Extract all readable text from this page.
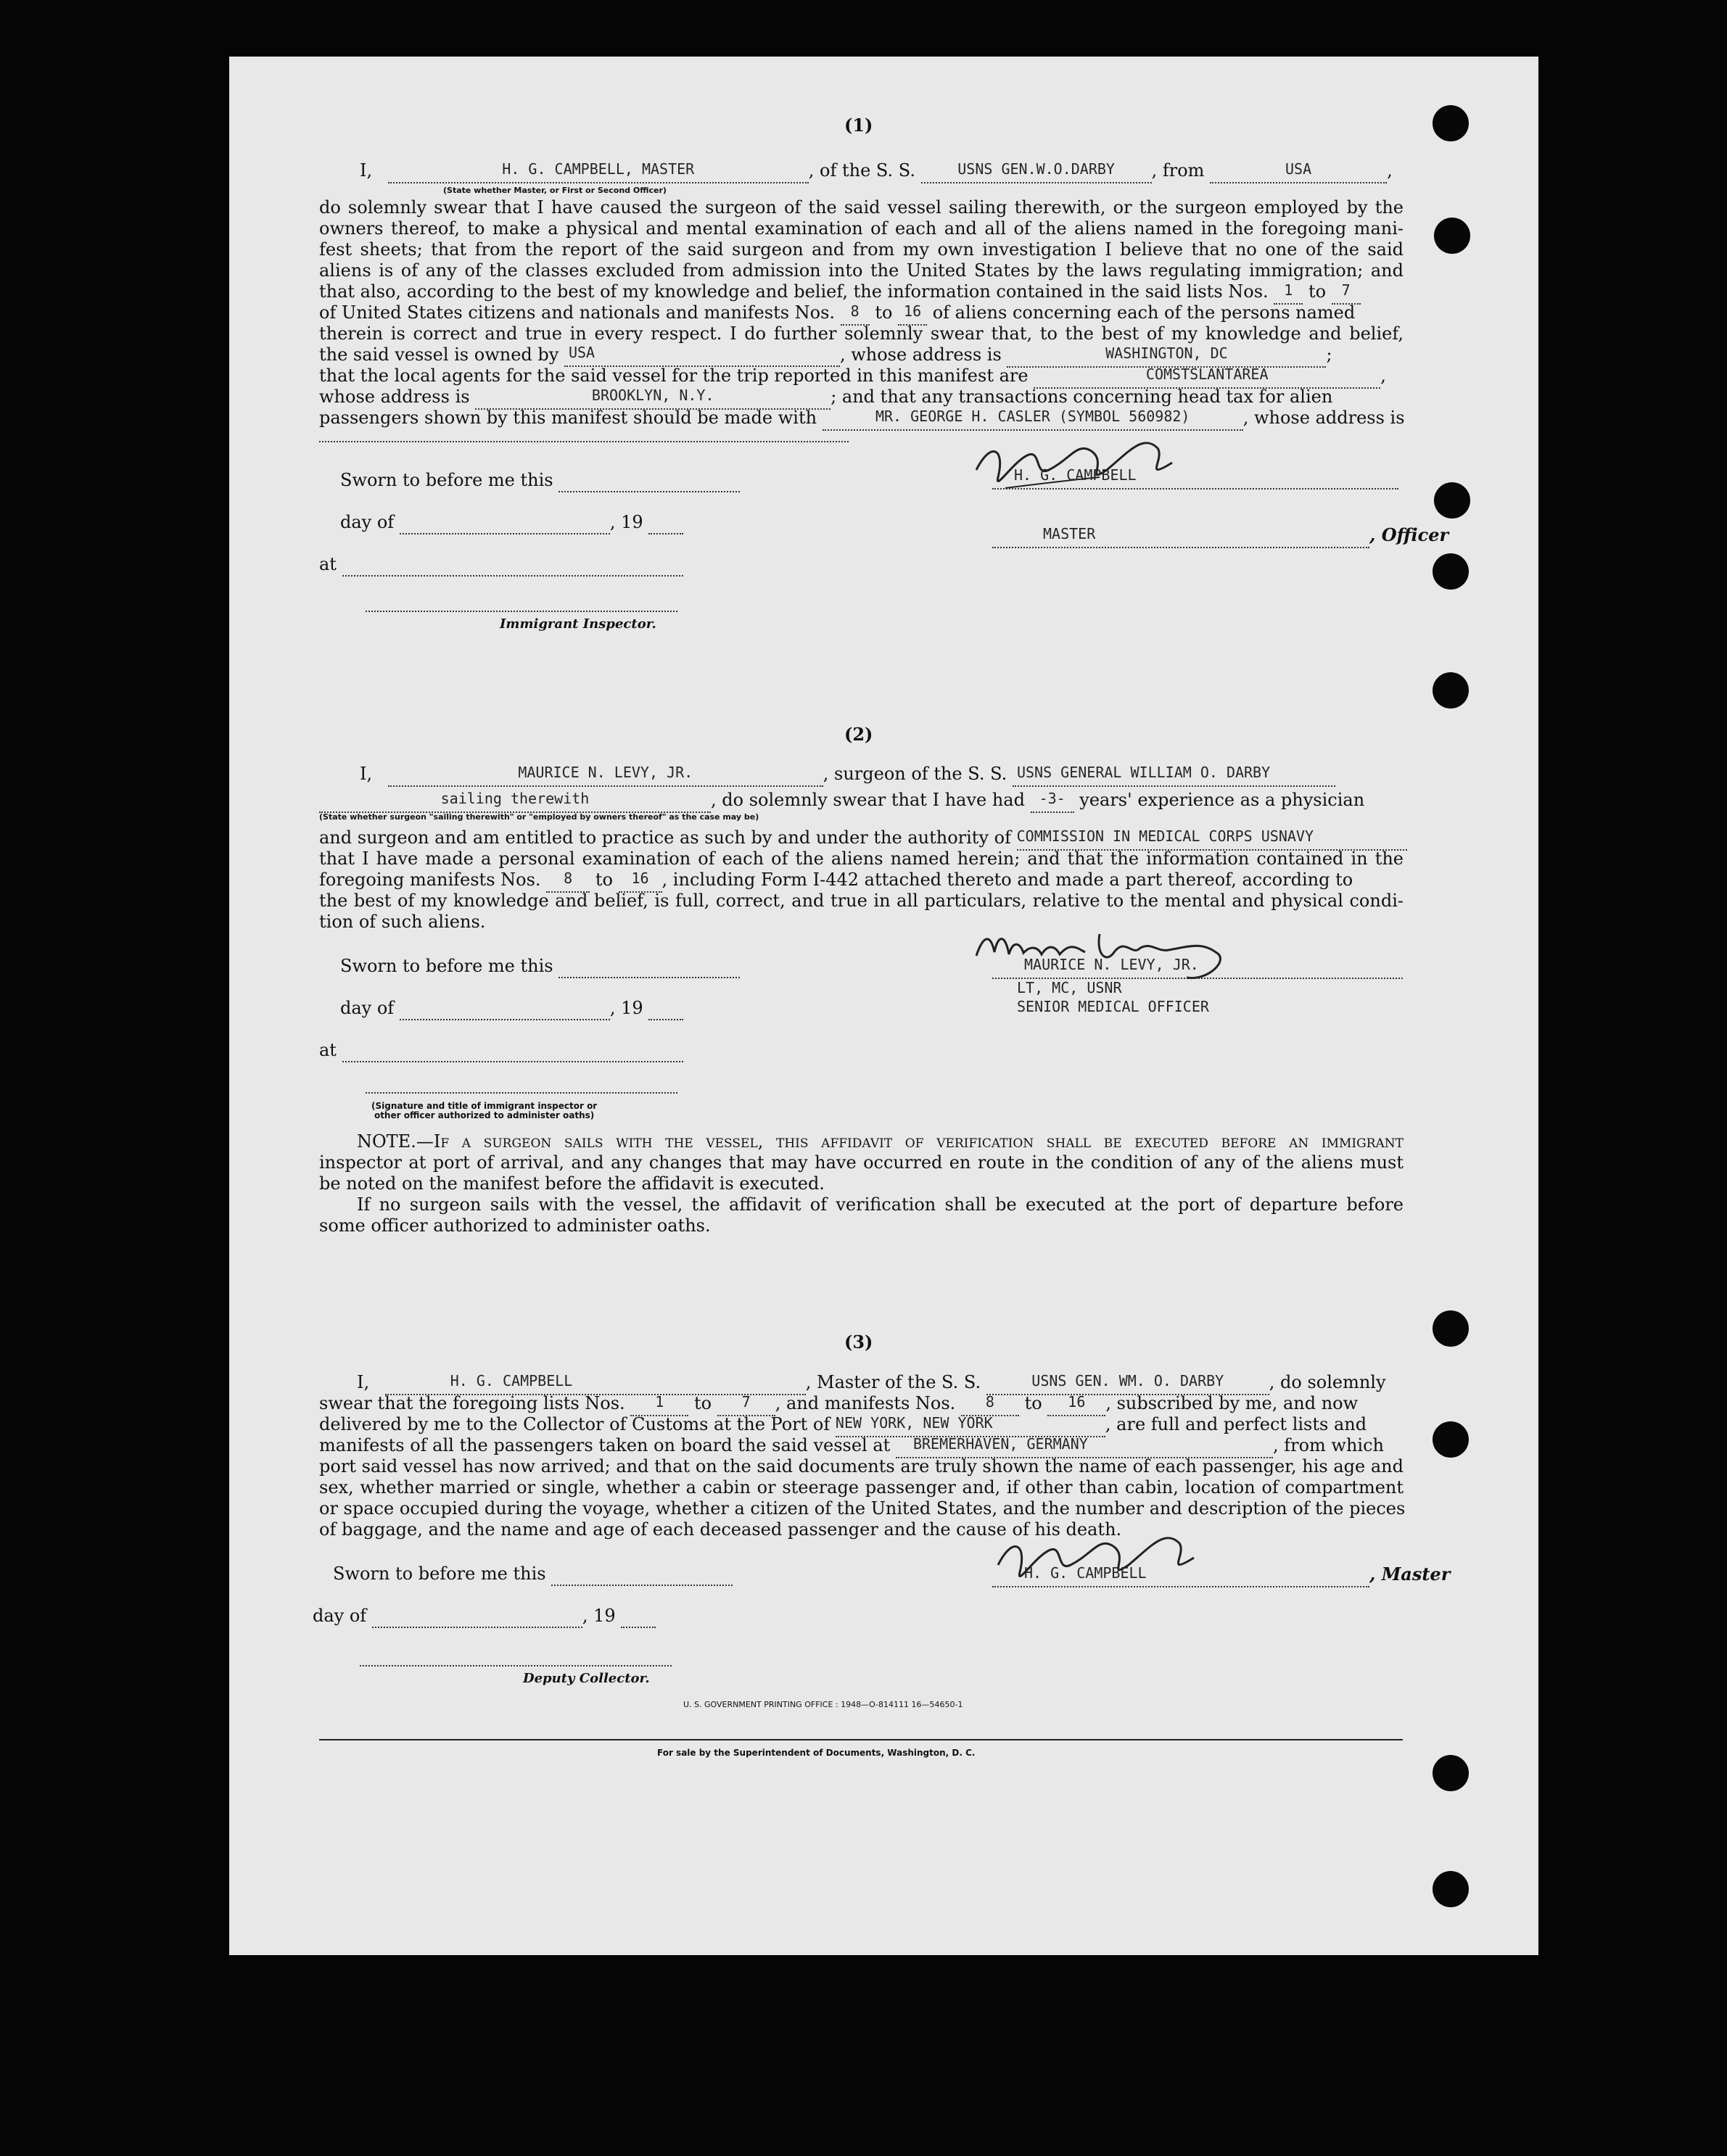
(1)
I,	H. G. CAMPBELL, MASTER	, of the S. S.	USNS GEN.W.O.DARBY , from	USA	,
(State whether Master, or First or Second Officer)
do solemnly swear that I have caused the surgeon of the said vessel sailing therewith, or the surgeon employed by the
owners thereof, to make a physical and mental examination of each and all of the aliens named in the foregoing mani-
fest sheets; that from the report of the said surgeon and from my own investigation I believe that no one of the said
aliens is of any of the classes excluded from admission into the United States by the laws regulating immigration; and
that also, according to the best of my knowledge and belief, the information contained in the said lists Nos. 1 to 7
of United States citizens and nationals and manifests Nos. 8 to 16 of aliens concerning each of the persons named
therein is correct and true in every respect. I do further solemnly swear that, to the best of my knowledge and belief,
the said vessel is owned by USA	, whose address is	WASHINGTON, DC	;
that the local agents for the said vessel for the trip reported in this manifest are	COMSTSLANTAREA	,
whose address is	BROOKLYN, N.Y.	; and that any transactions concerning head tax for alien
passengers shown by this manifest should be made with	MR. GEORGE H. CASLER (SYMBOL 560982)	, whose address is
Sworn to before me this
day of	, 19
at
Immigrant Inspector.
H. G. CAMPBELL
MASTER	, Officer
(2)
I,	MAURICE N. LEVY, JR.	, surgeon of the S. S. USNS GENERAL WILLIAM O. DARBY
sailing therewith	, do solemnly swear that I have had -3- years' experience as a physician
(State whether surgeon "sailing therewith" or "employed by owners thereof" as the case may be)
and surgeon and am entitled to practice as such by and under the authority of COMMISSION IN MEDICAL CORPS USNAVY
that I have made a personal examination of each of the aliens named herein; and that the information contained in the
foregoing manifests Nos. 8 to 16 , including Form I-442 attached thereto and made a part thereof, according to
the best of my knowledge and belief, is full, correct, and true in all particulars, relative to the mental and physical condi-
tion of such aliens.
Sworn to before me this
day of	, 19
at
(Signature and title of immigrant inspector or
other officer authorized to administer oaths)
MAURICE N. LEVY, JR.
LT, MC, USNR
SENIOR MEDICAL OFFICER
NOTE.—If a surgeon sails with the vessel, this affidavit of verification shall be executed before an immigrant
inspector at port of arrival, and any changes that may have occurred en route in the condition of any of the aliens must
be noted on the manifest before the affidavit is executed.
If no surgeon sails with the vessel, the affidavit of verification shall be executed at the port of departure before
some officer authorized to administer oaths.
(3)
I,	H. G. CAMPBELL	, Master of the S. S.	USNS GEN. WM. O. DARBY	, do solemnly
swear that the foregoing lists Nos. 1 to 7 , and manifests Nos. 8 to 16 , subscribed by me, and now
delivered by me to the Collector of Customs at the Port of NEW YORK, NEW YORK	, are full and perfect lists and
manifests of all the passengers taken on board the said vessel at BREMERHAVEN, GERMANY	, from which
port said vessel has now arrived; and that on the said documents are truly shown the name of each passenger, his age and
sex, whether married or single, whether a cabin or steerage passenger and, if other than cabin, location of compartment
or space occupied during the voyage, whether a citizen of the United States, and the number and description of the pieces
of baggage, and the name and age of each deceased passenger and the cause of his death.
Sworn to before me this
day of	, 19
Deputy Collector.
H. G. CAMPBELL	, Master
U. S. GOVERNMENT PRINTING OFFICE : 1948—O-814111 16—54650-1
For sale by the Superintendent of Documents, Washington, D. C.
